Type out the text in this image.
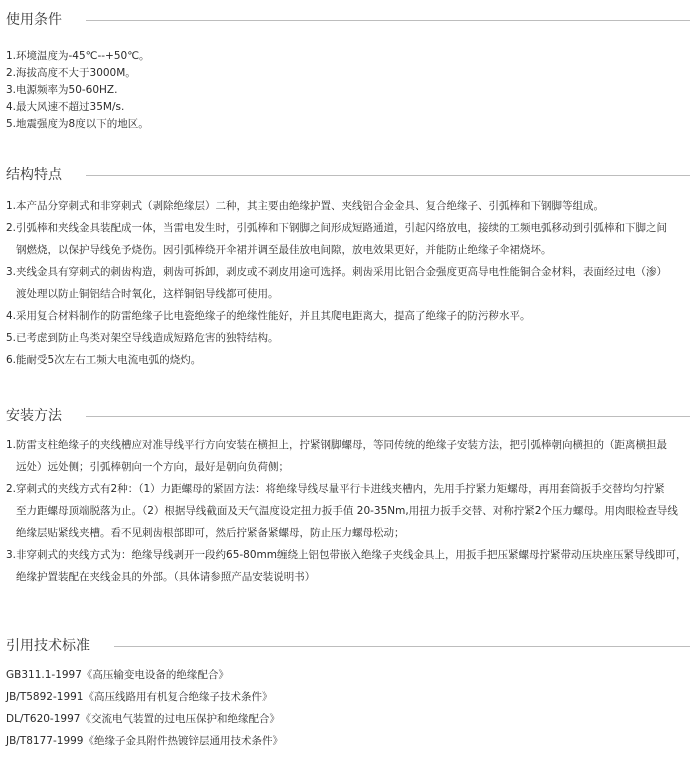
使用条件

1.环境温度为-45℃--+50℃。

2.海拔高度不大于3000M。

3.电源频率为50-60HZ.

4.最大风速不超过35M/s.

5.地震强度为8度以下的地区。

结构特点

1.本产品分穿刺式和非穿刺式（剥除绝缘层）二种，其主要由绝缘护置、夹线铝合金金具、复合绝缘子、引弧棒和下钢脚等组成。

2.引弧棒和夹线金具装配成一体，当雷电发生时，引弧棒和下钢脚之间形成短路通道，引起闪络放电，接续的工频电弧移动到引弧棒和下脚之间

钢燃烧，以保护导线免予烧伤。因引弧棒绕开伞裙并调至最佳放电间隙，放电效果更好，并能防止绝缘子伞裙烧坏。

3.夹线金具有穿刺式的刺齿构造，刺齿可拆卸，剥皮或不剥皮用途可选择。刺齿采用比铝合金强度更高导电性能铜合金材料，表面经过电（渗）

渡处理以防止铜铝结合时氧化，这样铜铝导线都可使用。

4.采用复合材料制作的防雷绝缘子比电瓷绝缘子的绝缘性能好，并且其爬电距离大，提高了绝缘子的防污秽水平。

5.已考虑到防止鸟类对架空导线造成短路危害的独特结构。

6.能耐受5次左右工频大电流电弧的烧灼。

安装方法

1.防雷支柱绝缘子的夹线槽应对准导线平行方向安装在横担上，拧紧钢脚螺母，等同传统的绝缘子安装方法，把引弧棒朝向横担的（距离横担最

远处）远处侧；引弧棒朝向一个方向，最好是朝向负荷侧；

2.穿刺式的夹线方式有2种：（1）力距螺母的紧固方法：将绝缘导线尽量平行卡进线夹槽内，先用手拧紧力矩螺母，再用套筒扳手交替均匀拧紧

至力距螺母顶端脱落为止。（2）根据导线截面及天气温度设定扭力扳手值 20-35Nm,用扭力扳手交替、对称拧紧2个压力螺母。用肉眼检查导线

绝缘层贴紧线夹槽。看不见刺齿根部即可，然后拧紧备紧螺母，防止压力螺母松动；

3.非穿刺式的夹线方式为：绝缘导线剥开一段约65-80mm缠绕上铝包带嵌入绝缘子夹线金具上，用扳手把压紧螺母拧紧带动压块座压紧导线即可，

绝缘护置装配在夹线金具的外部。（具体请参照产品安装说明书）

引用技术标准

GB311.1-1997《高压输变电设备的绝缘配合》

JB/T5892-1991《高压线路用有机复合绝缘子技术条件》

DL/T620-1997《交流电气装置的过电压保护和绝缘配合》

JB/T8177-1999《绝缘子金具附件热镀锌层通用技术条件》
